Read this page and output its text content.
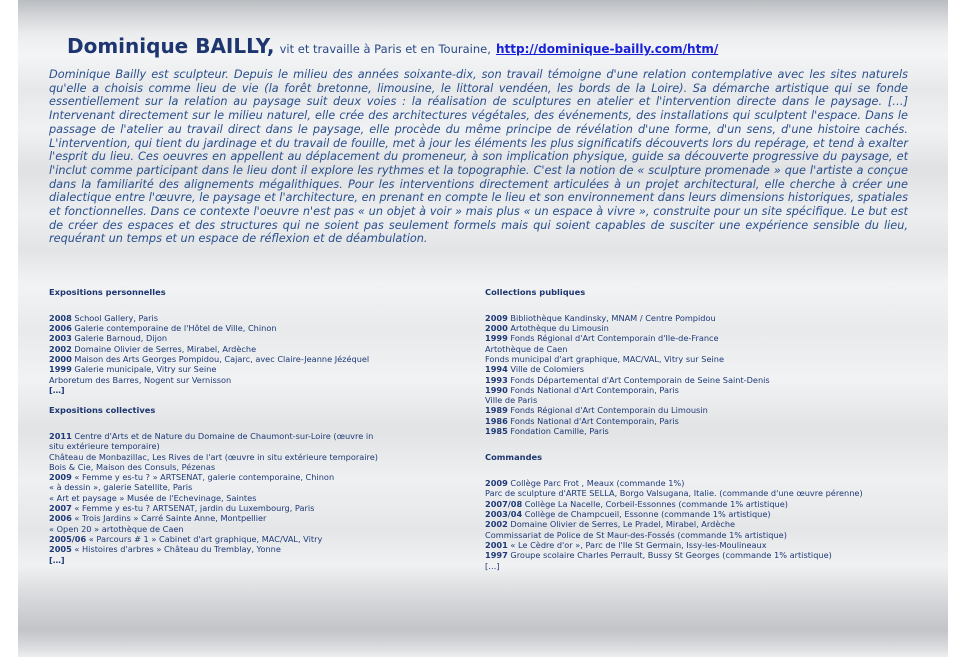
Dominique BAILLY, vit et travaille à Paris et en Touraine, http://dominique-bailly.com/htm/

Dominique Bailly est sculpteur. Depuis le milieu des années soixante-dix, son travail témoigne d'une relation contemplative avec les sites naturels qu'elle a choisis comme lieu de vie (la forêt bretonne, limousine, le littoral vendéen, les bords de la Loire). Sa démarche artistique qui se fonde essentiellement sur la relation au paysage suit deux voies : la réalisation de sculptures en atelier et l'intervention directe dans le paysage. […] Intervenant directement sur le milieu naturel, elle crée des architectures végétales, des événements, des installations qui sculptent l'espace. Dans le passage de l'atelier au travail direct dans le paysage, elle procède du même principe de révélation d'une forme, d'un sens, d'une histoire cachés. L'intervention, qui tient du jardinage et du travail de fouille, met à jour les éléments les plus significatifs découverts lors du repérage, et tend à exalter l'esprit du lieu. Ces oeuvres en appellent au déplacement du promeneur, à son implication physique, guide sa découverte progressive du paysage, et l'inclut comme participant dans le lieu dont il explore les rythmes et la topographie. C'est la notion de « sculpture promenade » que l'artiste a conçue dans la familiarité des alignements mégalithiques. Pour les interventions directement articulées à un projet architectural, elle cherche à créer une dialectique entre l'œuvre, le paysage et l'architecture, en prenant en compte le lieu et son environnement dans leurs dimensions historiques, spatiales et fonctionnelles. Dans ce contexte l'oeuvre n'est pas « un objet à voir » mais plus « un espace à vivre », construite pour un site spécifique. Le but est de créer des espaces et des structures qui ne soient pas seulement formels mais qui soient capables de susciter une expérience sensible du lieu, requérant un temps et un espace de réflexion et de déambulation.

Expositions personnelles
2008 School Gallery, Paris
2006 Galerie contemporaine de l'Hôtel de Ville, Chinon
2003 Galerie Barnoud, Dijon
2002 Domaine Olivier de Serres, Mirabel, Ardèche
2000 Maison des Arts Georges Pompidou, Cajarc, avec Claire-Jeanne Jézéquel
1999 Galerie municipale, Vitry sur Seine
Arboretum des Barres, Nogent sur Vernisson
[…]
Expositions collectives
2011 Centre d'Arts et de Nature du Domaine de Chaumont-sur-Loire (œuvre in
situ extérieure temporaire)
Château de Monbazillac, Les Rives de l'art (œuvre in situ extérieure temporaire)
Bois & Cie, Maison des Consuls, Pézenas
2009 « Femme y es-tu ? » ARTSENAT, galerie contemporaine, Chinon
« à dessin », galerie Satellite, Paris
« Art et paysage » Musée de l'Echevinage, Saintes
2007 « Femme y es-tu ? ARTSENAT, jardin du Luxembourg, Paris
2006 « Trois Jardins » Carré Sainte Anne, Montpellier
« Open 20 » artothèque de Caen
2005/06 « Parcours # 1 » Cabinet d'art graphique, MAC/VAL, Vitry
2005 « Histoires d'arbres » Château du Tremblay, Yonne
[…]
Collections publiques
2009 Bibliothèque Kandinsky, MNAM / Centre Pompidou
2000 Artothèque du Limousin
1999 Fonds Régional d'Art Contemporain d'Ile-de-France
Artothèque de Caen
Fonds municipal d'art graphique, MAC/VAL, Vitry sur Seine
1994 Ville de Colomiers
1993 Fonds Départemental d'Art Contemporain de Seine Saint-Denis
1990 Fonds National d'Art Contemporain, Paris
Ville de Paris
1989 Fonds Régional d'Art Contemporain du Limousin
1986 Fonds National d'Art Contemporain, Paris
1985 Fondation Camille, Paris
Commandes
2009 Collège Parc Frot , Meaux (commande 1%)
Parc de sculpture d'ARTE SELLA, Borgo Valsugana, Italie. (commande d'une œuvre pérenne)
2007/08 Collège La Nacelle, Corbeil-Essonnes (commande 1% artistique)
2003/04 Collège de Champcueil, Essonne (commande 1% artistique)
2002 Domaine Olivier de Serres, Le Pradel, Mirabel, Ardèche
Commissariat de Police de St Maur-des-Fossés (commande 1% artistique)
2001 « Le Cèdre d'or », Parc de l'Ile St Germain, Issy-les-Moulineaux
1997 Groupe scolaire Charles Perrault, Bussy St Georges (commande 1% artistique)
[…]
